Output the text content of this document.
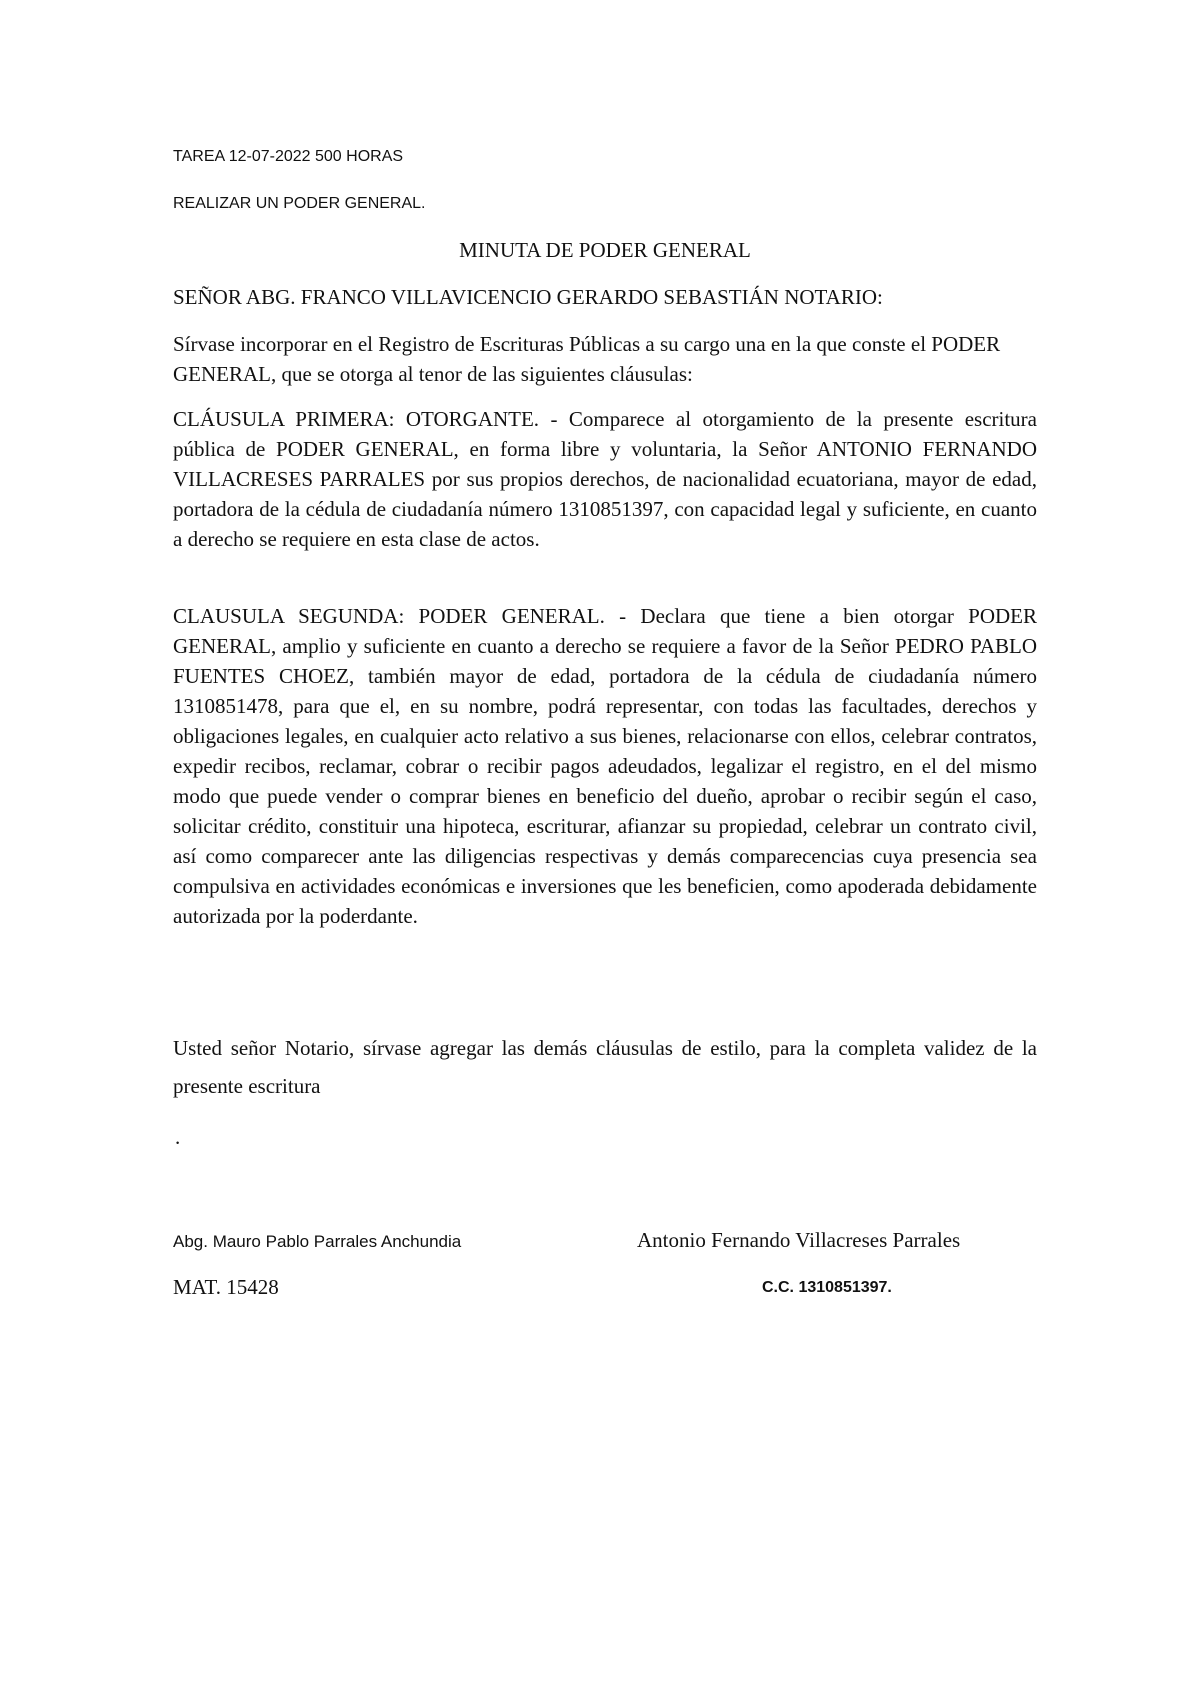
TAREA 12-07-2022 500 HORAS
REALIZAR UN PODER GENERAL.
MINUTA DE PODER GENERAL
SEÑOR ABG. FRANCO VILLAVICENCIO GERARDO SEBASTIÁN NOTARIO:

Sírvase incorporar en el Registro de Escrituras Públicas a su cargo una en la que conste el PODER GENERAL, que se otorga al tenor de las siguientes cláusulas:

CLÁUSULA PRIMERA: OTORGANTE. - Comparece al otorgamiento de la presente escritura pública de PODER GENERAL, en forma libre y voluntaria, la Señor ANTONIO FERNANDO VILLACRESES PARRALES por sus propios derechos, de nacionalidad ecuatoriana, mayor de edad, portadora de la cédula de ciudadanía número 1310851397, con capacidad legal y suficiente, en cuanto a derecho se requiere en esta clase de actos.

CLAUSULA SEGUNDA: PODER GENERAL. - Declara que tiene a bien otorgar PODER GENERAL, amplio y suficiente en cuanto a derecho se requiere a favor de la Señor PEDRO PABLO FUENTES CHOEZ, también mayor de edad, portadora de la cédula de ciudadanía número 1310851478, para que el, en su nombre, podrá representar, con todas las facultades, derechos y obligaciones legales, en cualquier acto relativo a sus bienes, relacionarse con ellos, celebrar contratos, expedir recibos, reclamar, cobrar o recibir pagos adeudados, legalizar el registro, en el del mismo modo que puede vender o comprar bienes en beneficio del dueño, aprobar o recibir según el caso, solicitar crédito, constituir una hipoteca, escriturar, afianzar su propiedad, celebrar un contrato civil, así como comparecer ante las diligencias respectivas y demás comparecencias cuya presencia sea compulsiva en actividades económicas e inversiones que les beneficien, como apoderada debidamente autorizada por la poderdante.

Usted señor Notario, sírvase agregar las demás cláusulas de estilo, para la completa validez de la presente escritura

.
Abg. Mauro Pablo Parrales Anchundia
MAT. 15428
Antonio Fernando Villacreses Parrales
C.C. 1310851397.
